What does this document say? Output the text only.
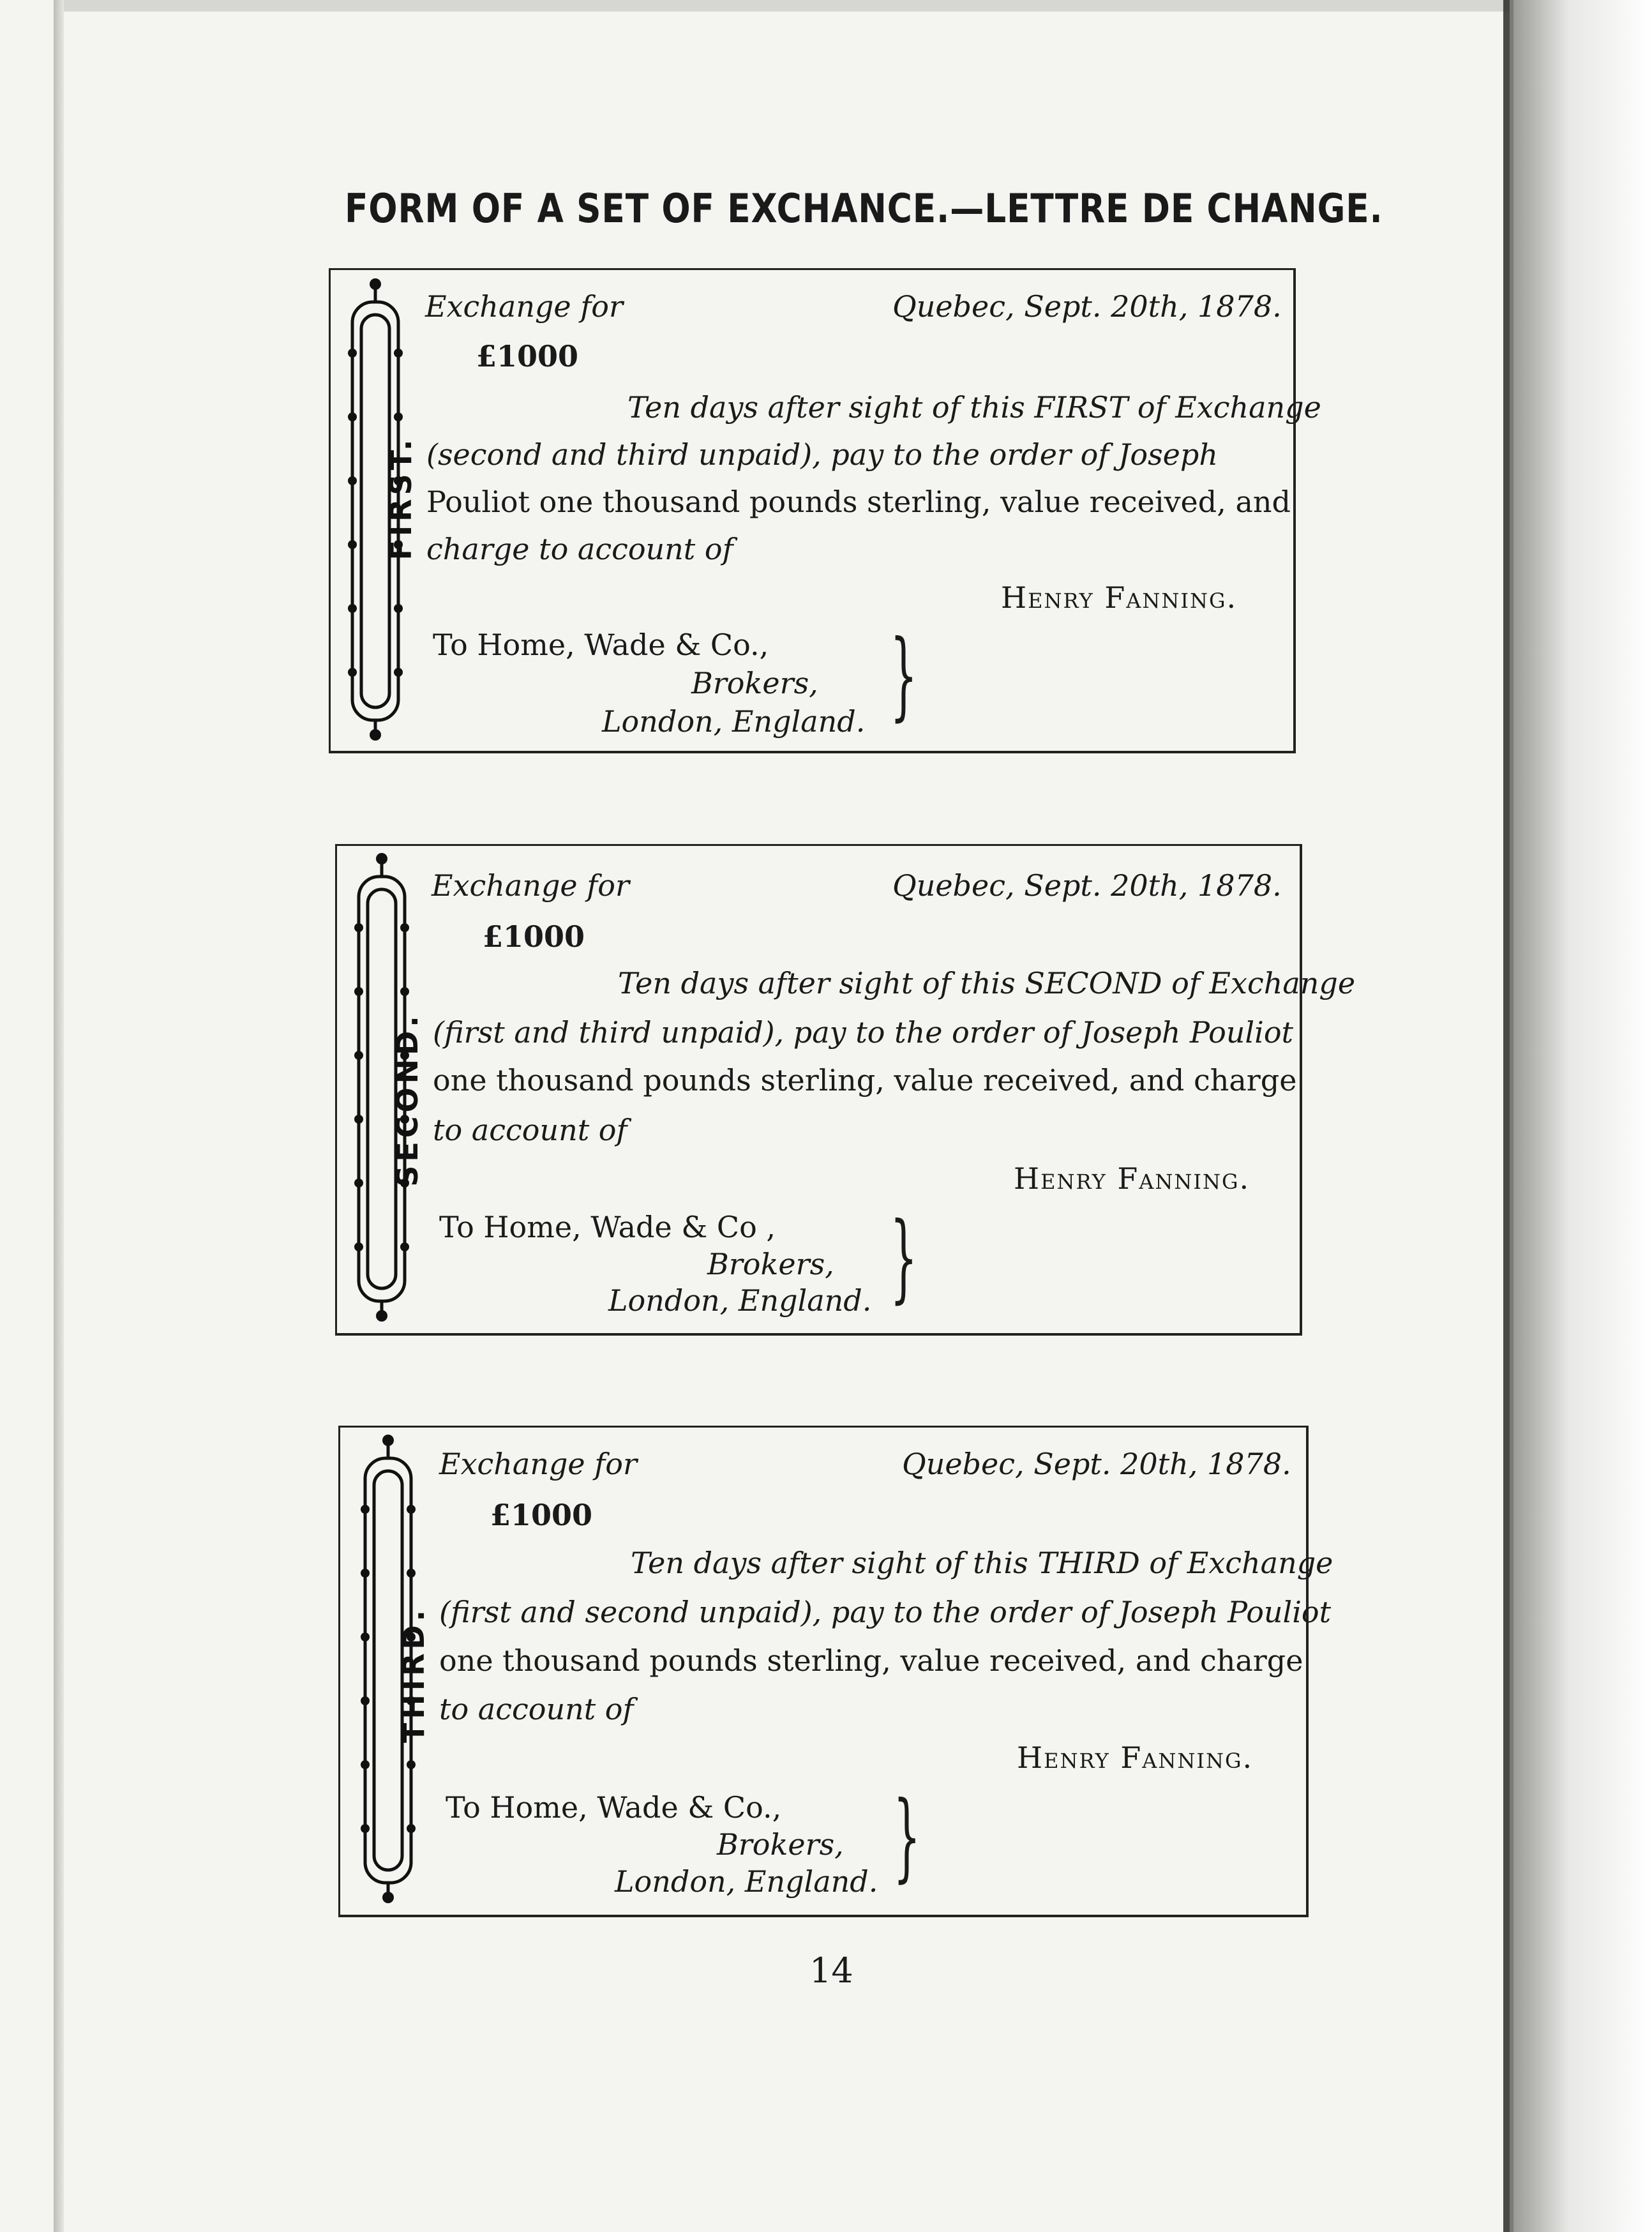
FORM OF A SET OF EXCHANCE.—LETTRE DE CHANGE.
FIRST.
Exchange for	Quebec, Sept. 20th, 1878.
£1000
Ten days after sight of this FIRST of Exchange
(second and third unpaid), pay to the order of Joseph
Pouliot one thousand pounds sterling, value received, and
charge to account of
Henry Fanning.
To Home, Wade & Co.,
Brokers,
London, England. }
SECOND.
Exchange for	Quebec, Sept. 20th, 1878.
£1000
Ten days after sight of this SECOND of Exchange
(first and third unpaid), pay to the order of Joseph Pouliot
one thousand pounds sterling, value received, and charge
to account of
Henry Fanning.
To Home, Wade & Co ,
Brokers,
London, England. }
THIRD.
Exchange for	Quebec, Sept. 20th, 1878.
£1000
Ten days after sight of this THIRD of Exchange
(first and second unpaid), pay to the order of Joseph Pouliot
one thousand pounds sterling, value received, and charge
to account of
Henry Fanning.
To Home, Wade & Co.,
Brokers,
London, England. }
14
